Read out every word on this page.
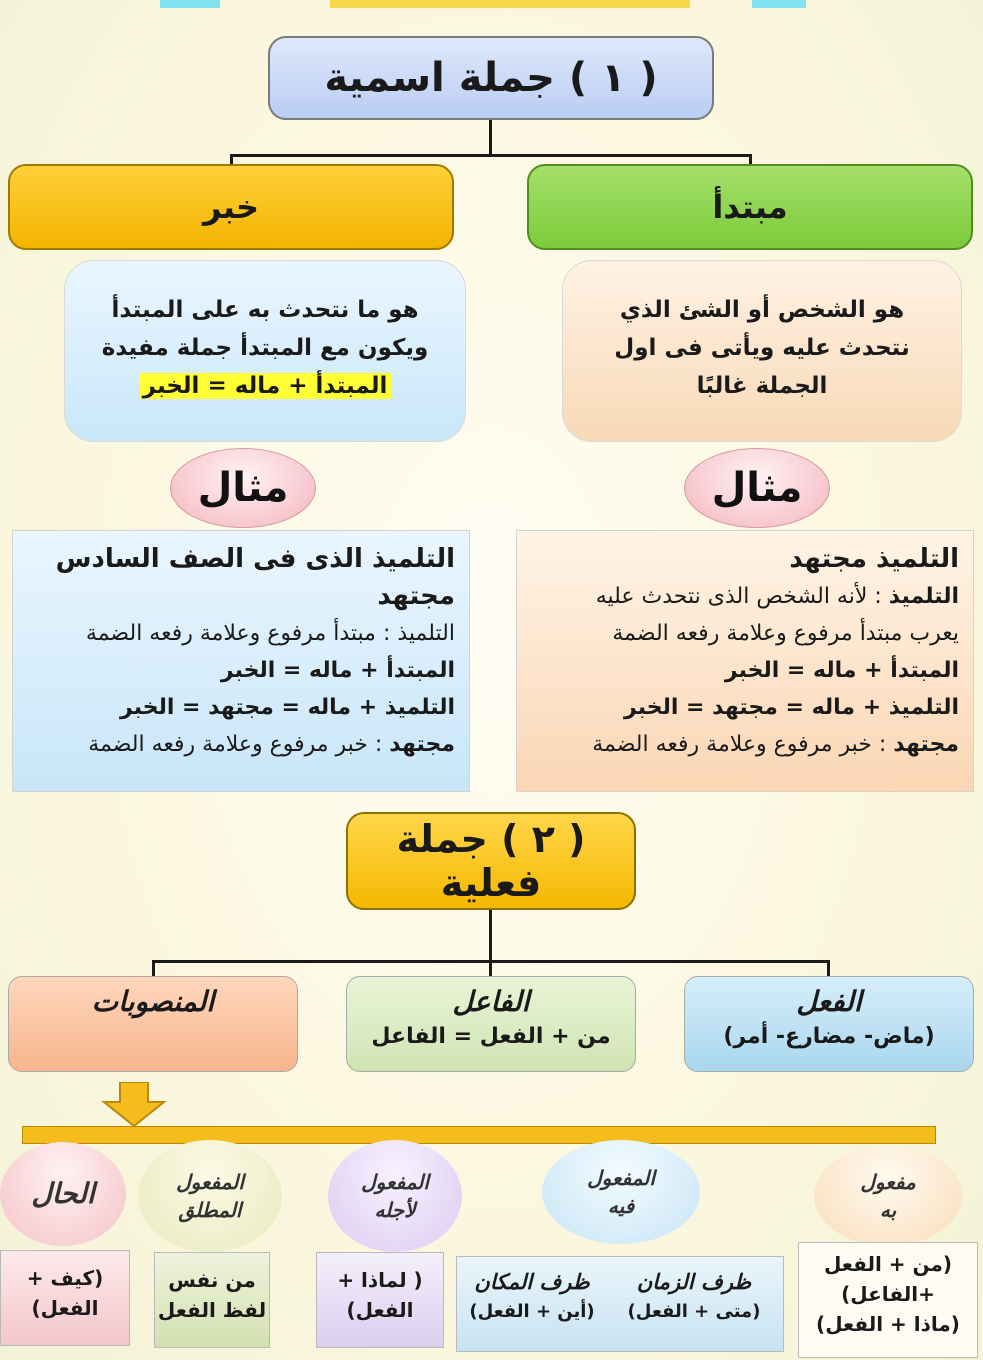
( ١ ) جملة اسمية
مبتدأ
خبر
هو الشخص أو الشئ الذي
نتحدث عليه ويأتى فى اول
الجملة غالبًا
هو ما نتحدث به على المبتدأ
ويكون مع المبتدأ جملة مفيدة
المبتدأ + ماله = الخبر
مثال
مثال
التلميذ مجتهد
التلميذ : لأنه الشخص الذى نتحدث عليه
يعرب مبتدأ مرفوع وعلامة رفعه الضمة
المبتدأ + ماله = الخبر
التلميذ + ماله = مجتهد = الخبر
مجتهد : خبر مرفوع وعلامة رفعه الضمة
التلميذ الذى فى الصف السادس
مجتهد
التلميذ : مبتدأ مرفوع وعلامة رفعه الضمة
المبتدأ + ماله = الخبر
التلميذ + ماله = مجتهد = الخبر
مجتهد : خبر مرفوع وعلامة رفعه الضمة
( ٢ ) جملة فعلية
الفعل
(ماض- مضارع- أمر)
الفاعل
من + الفعل = الفاعل
المنصوبات
مفعول
به
المفعول
فيه
المفعول
لأجله
المفعول
المطلق
الحال
(من + الفعل
+الفاعل)
(ماذا + الفعل)
ظرف الزمان
(متى + الفعل)
ظرف المكان
(أين + الفعل)
( لماذا +
الفعل)
من نفس
لفظ الفعل
(كيف +
الفعل)
